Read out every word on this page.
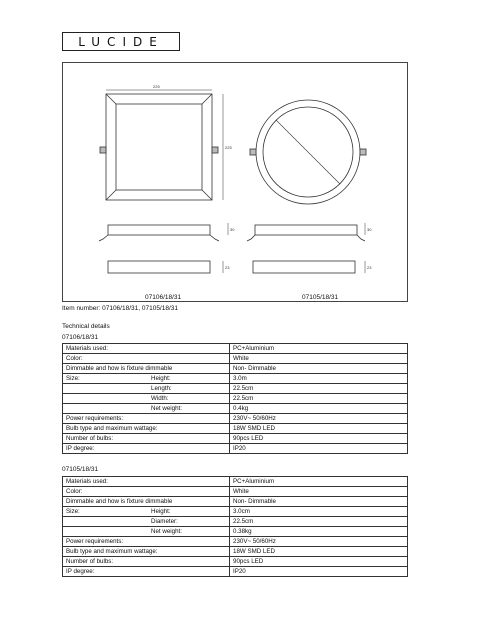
LUCIDE
225
225
30	30
23	23
07106/18/31	07105/18/31
Item number: 07106/18/31, 07105/18/31
Technical details
07106/18/31
Materials used:	PC+Aluminium
Color:	White
Dimmable and how is fixture dimmable	Non- Dimmable
Size: Height:	3.0m

Length:	22.5cm

Width:	22.5cm

Net weight:	0.4kg
Power requirements:	230V~ 50/60Hz
Bulb type and maximum wattage:	18W SMD LED
Number of bulbs:	90pcs LED
IP degree:	IP20
07105/18/31
Materials used:	PC+Aluminium
Color:	White
Dimmable and how is fixture dimmable	Non- Dimmable
Size: Height:	3.0cm

Diameter:	22.5cm

Net weight:	0.38kg
Power requirements:	230V~ 50/60Hz
Bulb type and maximum wattage:	18W SMD LED
Number of bulbs:	90pcs LED
IP degree:	IP20
